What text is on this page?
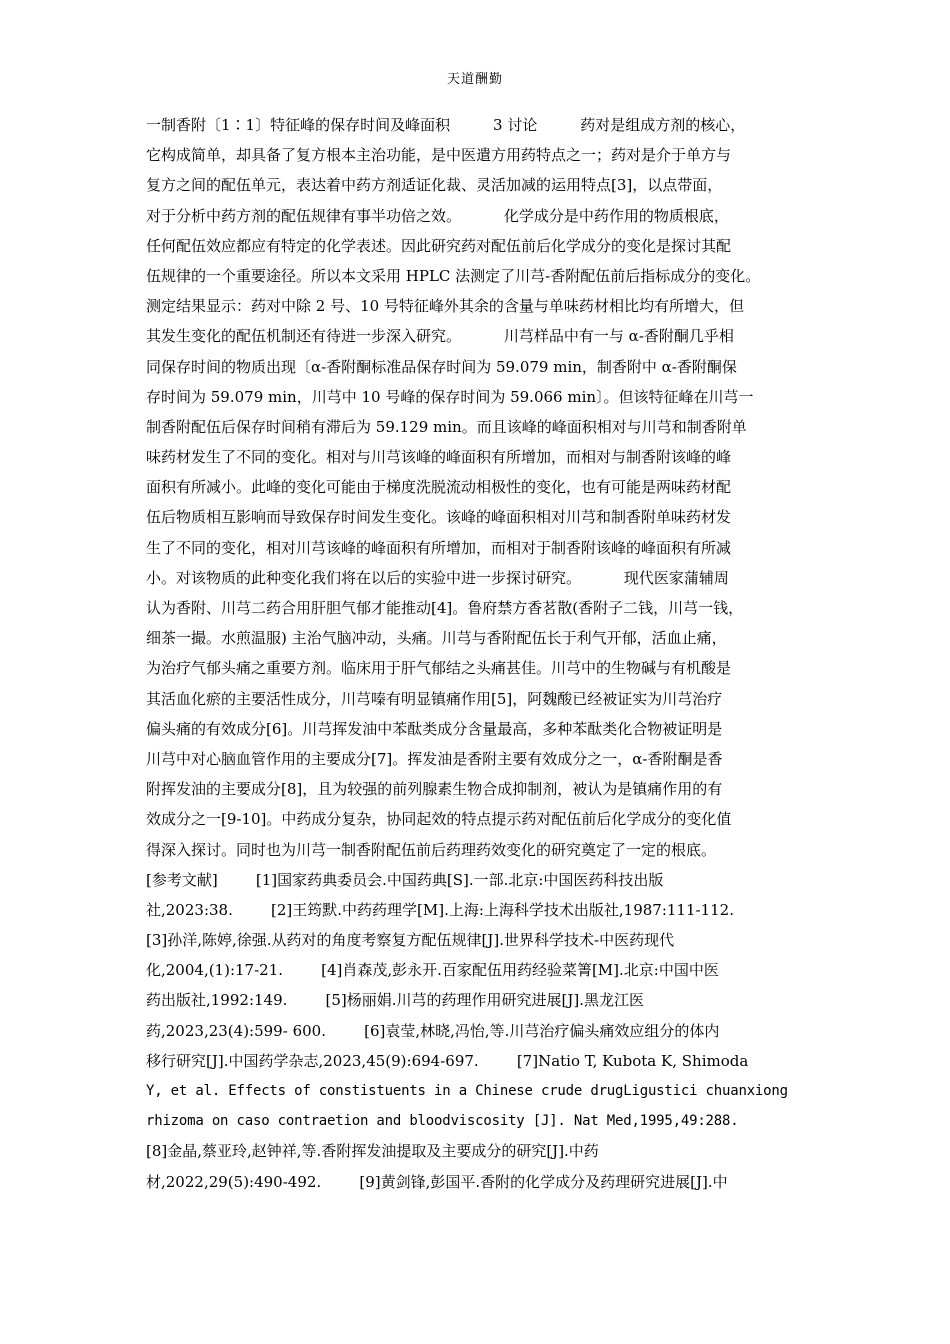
天道酬勤
一制香附〔1∶1〕特征峰的保存时间及峰面积         3 讨论         药对是组成方剂的核心，
它构成简单，却具备了复方根本主治功能，是中医遣方用药特点之一；药对是介于单方与
复方之间的配伍单元，表达着中药方剂适证化裁、灵活加减的运用特点[3]，以点带面，
对于分析中药方剂的配伍规律有事半功倍之效。         化学成分是中药作用的物质根底，
任何配伍效应都应有特定的化学表述。因此研究药对配伍前后化学成分的变化是探讨其配
伍规律的一个重要途径。所以本文采用 HPLC 法测定了川芎-香附配伍前后指标成分的变化。
测定结果显示：药对中除 2 号、10 号特征峰外其余的含量与单味药材相比均有所增大，但
其发生变化的配伍机制还有待进一步深入研究。         川芎样品中有一与 α-香附酮几乎相
同保存时间的物质出现〔α-香附酮标准品保存时间为 59.079 min，制香附中 α-香附酮保
存时间为 59.079 min，川芎中 10 号峰的保存时间为 59.066 min〕。但该特征峰在川芎一
制香附配伍后保存时间稍有滞后为 59.129 min。而且该峰的峰面积相对与川芎和制香附单
味药材发生了不同的变化。相对与川芎该峰的峰面积有所增加，而相对与制香附该峰的峰
面积有所减小。此峰的变化可能由于梯度洗脱流动相极性的变化，也有可能是两味药材配
伍后物质相互影响而导致保存时间发生变化。该峰的峰面积相对川芎和制香附单味药材发
生了不同的变化，相对川芎该峰的峰面积有所增加，而相对于制香附该峰的峰面积有所减
小。对该物质的此种变化我们将在以后的实验中进一步探讨研究。         现代医家蒲辅周
认为香附、川芎二药合用肝胆气郁才能推动[4]。鲁府禁方香茗散(香附子二钱，川芎一钱，
细茶一撮。水煎温服) 主治气脑冲动，头痛。川芎与香附配伍长于利气开郁，活血止痛，
为治疗气郁头痛之重要方剂。临床用于肝气郁结之头痛甚佳。川芎中的生物碱与有机酸是
其活血化瘀的主要活性成分，川芎嗪有明显镇痛作用[5]，阿魏酸已经被证实为川芎治疗
偏头痛的有效成分[6]。川芎挥发油中苯酞类成分含量最高，多种苯酞类化合物被证明是
川芎中对心脑血管作用的主要成分[7]。挥发油是香附主要有效成分之一，α-香附酮是香
附挥发油的主要成分[8]，且为较强的前列腺素生物合成抑制剂，被认为是镇痛作用的有
效成分之一[9-10]。中药成分复杂，协同起效的特点提示药对配伍前后化学成分的变化值
得深入探讨。同时也为川芎一制香附配伍前后药理药效变化的研究奠定了一定的根底。
[参考文献]        [1]国家药典委员会.中国药典[S].一部.北京:中国医药科技出版
社,2023:38.        [2]王筠默.中药药理学[M].上海:上海科学技术出版社,1987:111-112.
[3]孙洋,陈婷,徐强.从药对的角度考察复方配伍规律[J].世界科学技术-中医药现代
化,2004,(1):17-21.        [4]肖森茂,彭永开.百家配伍用药经验菜箐[M].北京:中国中医
药出版社,1992:149.        [5]杨丽娟.川芎的药理作用研究进展[J].黑龙江医
药,2023,23(4):599- 600.        [6]袁莹,林晓,冯怡,等.川芎治疗偏头痛效应组分的体内
移行研究[J].中国药学杂志,2023,45(9):694-697.        [7]Natio T, Kubota K, Shimoda
Y, et al. Effects of constistuents in a Chinese crude drugLigustici chuanxiong
rhizoma on caso contraetion and bloodviscosity [J]. Nat Med,1995,49:288.
[8]金晶,蔡亚玲,赵钟祥,等.香附挥发油提取及主要成分的研究[J].中药
材,2022,29(5):490-492.        [9]黄剑锋,彭国平.香附的化学成分及药理研究进展[J].中
